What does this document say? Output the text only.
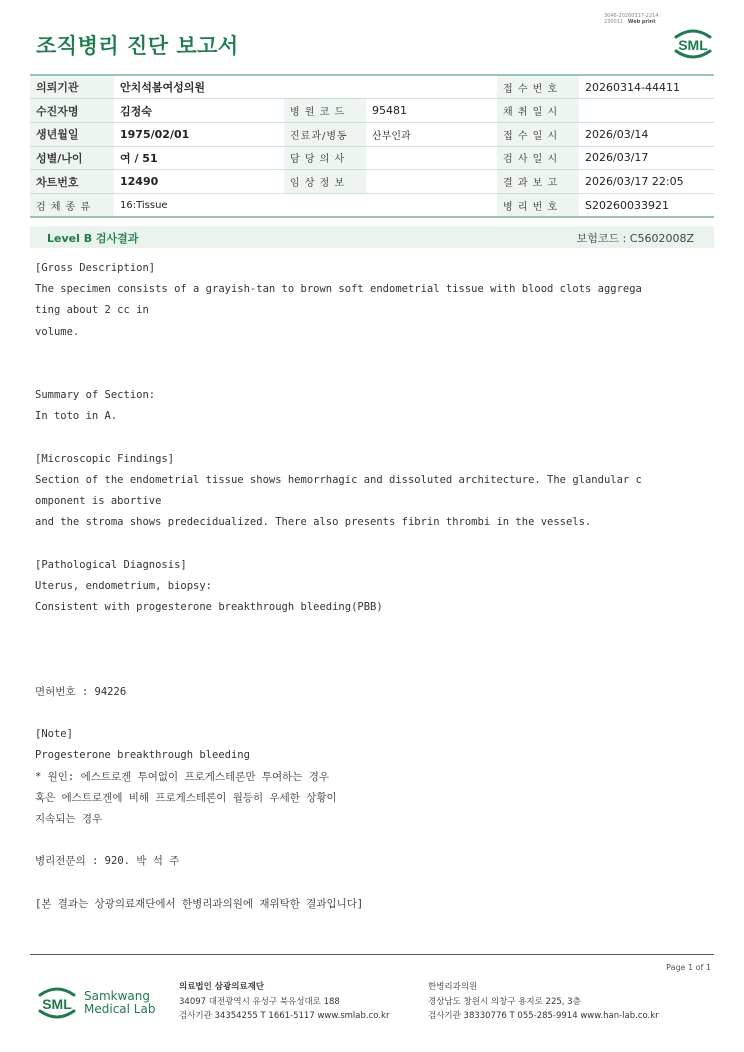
조직병리 진단 보고서
3046-20260317-2214
230011 Web print
SML
의뢰기관	안치석봄여성의원			접 수 번 호	20260314-44411
수진자명	김정숙	병 원 코 드	95481	채 취 일 시	
생년월일	1975/02/01	진료과/병동	산부인과	접 수 일 시	2026/03/14
성별/나이	여 / 51	담 당 의 사		검 사 일 시	2026/03/17
차트번호	12490	임 상 정 보		결 과 보 고	2026/03/17 22:05
검 체 종 류	16:Tissue			병 리 번 호	S20260033921
Level B 검사결과	보험코드 : C5602008Z
[Gross Description]
The specimen consists of a grayish-tan to brown soft endometrial tissue with blood clots aggrega
ting about 2 cc in
volume.
Summary of Section:
In toto in A.
[Microscopic Findings]
Section of the endometrial tissue shows hemorrhagic and dissoluted architecture. The glandular c
omponent is abortive
and the stroma shows predecidualized. There also presents fibrin thrombi in the vessels.
[Pathological Diagnosis]
Uterus, endometrium, biopsy:
Consistent with progesterone breakthrough bleeding(PBB)
면허번호 : 94226
[Note]
Progesterone breakthrough bleeding
* 원인: 에스트로겐 투여없이 프로게스테론만 투여하는 경우
혹은 에스트로겐에 비해 프로게스테론이 월등히 우세한 상황이
지속되는 경우
병리전문의 : 920. 박 석 주
[본 결과는 상광의료재단에서 한병리과의원에 재위탁한 결과입니다]
Page 1 of 1
SML Samkwang
Medical Lab
의료법인 삼광의료재단
34097 대전광역시 유성구 북유성대로 188
검사기관 34354255 T 1661-5117 www.smlab.co.kr
한병리과의원
경상남도 창원시 의창구 용지로 225, 3층
검사기관 38330776 T 055-285-9914 www.han-lab.co.kr
